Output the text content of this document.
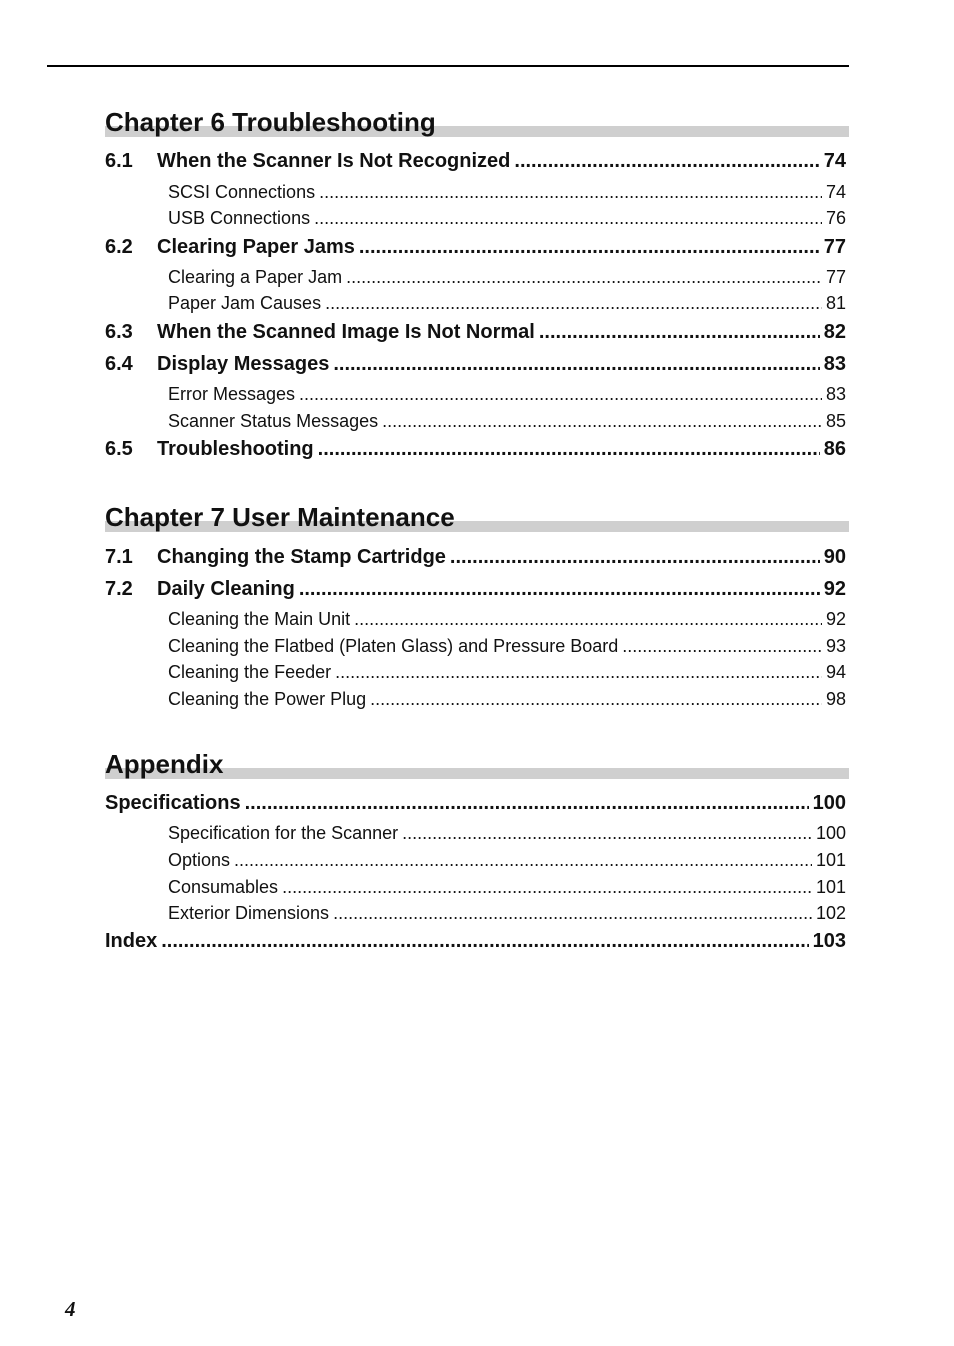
Chapter 6 Troubleshooting
6.1	When the Scanner Is Not Recognized .....	74
SCSI Connections .....	74
USB Connections .....	76
6.2	Clearing Paper Jams .....	77
Clearing a Paper Jam .....	77
Paper Jam Causes .....	81
6.3	When the Scanned Image Is Not Normal .....	82
6.4	Display Messages .....	83
Error Messages .....	83
Scanner Status Messages .....	85
6.5	Troubleshooting .....	86
Chapter 7 User Maintenance
7.1	Changing the Stamp Cartridge .....	90
7.2	Daily Cleaning .....	92
Cleaning the Main Unit .....	92
Cleaning the Flatbed (Platen Glass) and Pressure Board .....	93
Cleaning the Feeder .....	94
Cleaning the Power Plug .....	98
Appendix
Specifications .....	100
Specification for the Scanner .....	100
Options .....	101
Consumables .....	101
Exterior Dimensions .....	102
Index .....	103
4
